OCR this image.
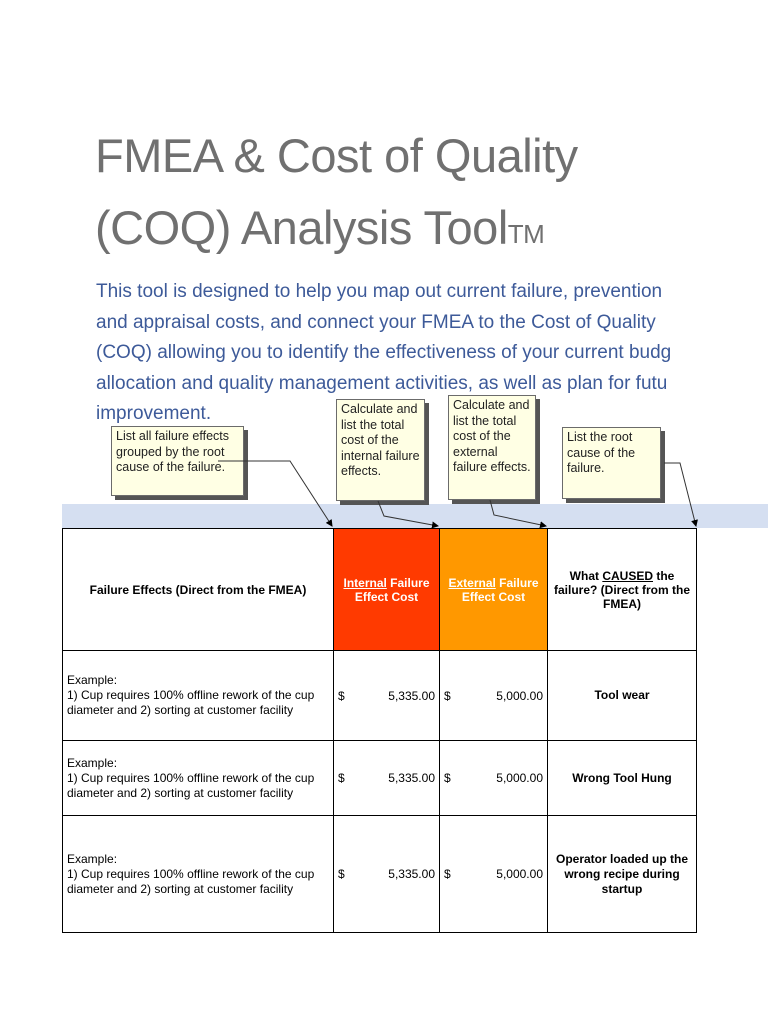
FMEA & Cost of Quality
(COQ) Analysis Tool™

This tool is designed to help you map out current failure, prevention
and appraisal costs, and connect your FMEA to the Cost of Quality
(COQ) allowing you to identify the effectiveness of your current budg
allocation and quality management activities, as well as plan for futu
improvement.

List all failure effects
grouped by the root
cause of the failure.
Calculate and
list the total
cost of the
internal failure
effects.
Calculate and
list the total
cost of the
external
failure effects.
List the root
cause of the
failure.
Failure Effects (Direct from the FMEA)	Internal Failure Effect Cost	External Failure Effect Cost	What CAUSED the failure? (Direct from the FMEA)

Example:
1) Cup requires 100% offline rework of the cup
diameter and 2) sorting at customer facility	$ 5,335.00	$ 5,000.00	Tool wear

Example:
1) Cup requires 100% offline rework of the cup
diameter and 2) sorting at customer facility	$ 5,335.00	$ 5,000.00	Wrong Tool Hung

Example:
1) Cup requires 100% offline rework of the cup
diameter and 2) sorting at customer facility	$ 5,335.00	$ 5,000.00	Operator loaded up the wrong recipe during startup
